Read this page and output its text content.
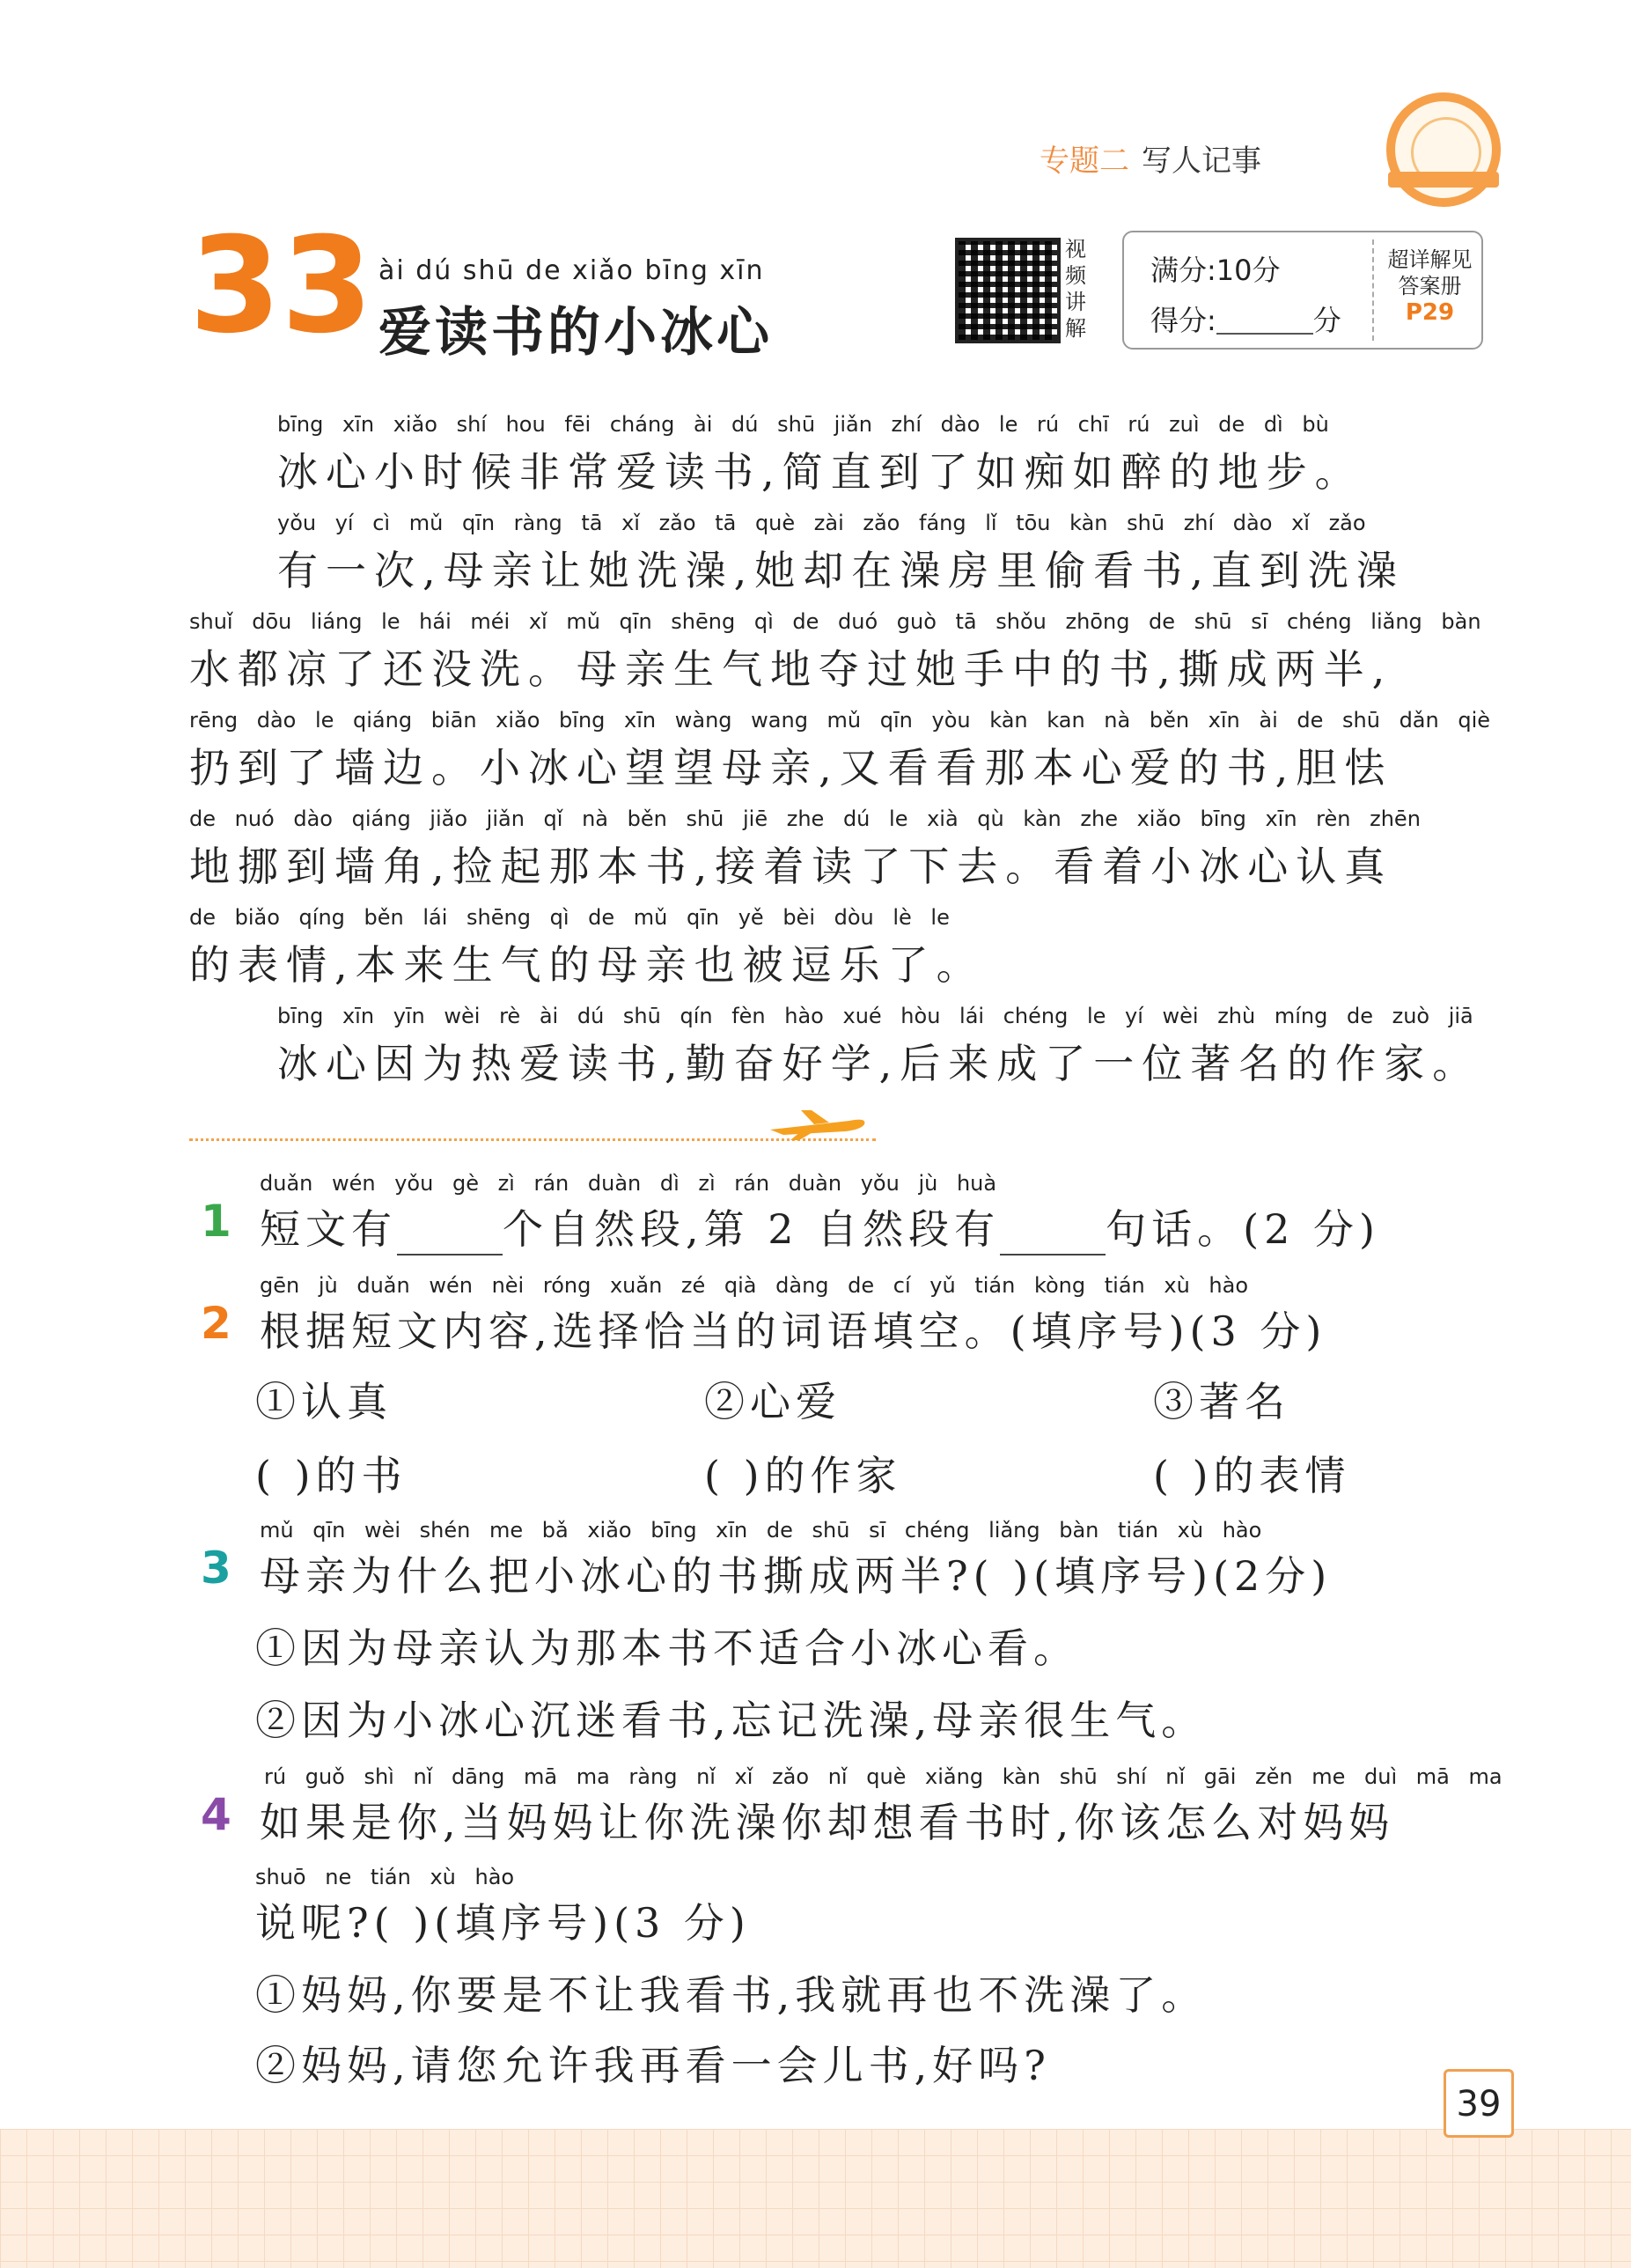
专题二 写人记事
33 ài dú shū de xiǎo bīng xīn
爱读书的小冰心
视频讲解
满分:10分
得分:	分
超详解见答案册
P29
bīng xīn xiǎo shí hou fēi cháng ài dú shū jiǎn zhí dào le rú chī rú zuì de dì bù
冰心小时候非常爱读书,简直到了如痴如醉的地步。
yǒu yí cì mǔ qīn ràng tā xǐ zǎo tā què zài zǎo fáng lǐ tōu kàn shū zhí dào xǐ zǎo
有一次,母亲让她洗澡,她却在澡房里偷看书,直到洗澡
shuǐ dōu liáng le hái méi xǐ mǔ qīn shēng qì de duó guò tā shǒu zhōng de shū sī chéng liǎng bàn
水都凉了还没洗。母亲生气地夺过她手中的书,撕成两半,
rēng dào le qiáng biān xiǎo bīng xīn wàng wang mǔ qīn yòu kàn kan nà běn xīn ài de shū dǎn qiè
扔到了墙边。小冰心望望母亲,又看看那本心爱的书,胆怯
de nuó dào qiáng jiǎo jiǎn qǐ nà běn shū jiē zhe dú le xià qù kàn zhe xiǎo bīng xīn rèn zhēn
地挪到墙角,捡起那本书,接着读了下去。看着小冰心认真
de biǎo qíng běn lái shēng qì de mǔ qīn yě bèi dòu lè le
的表情,本来生气的母亲也被逗乐了。
bīng xīn yīn wèi rè ài dú shū qín fèn hào xué hòu lái chéng le yí wèi zhù míng de zuò jiā
冰心因为热爱读书,勤奋好学,后来成了一位著名的作家。
1
duǎn wén yǒu gè zì rán duàn dì zì rán duàn yǒu jù huà
短文有	个自然段,第 2 自然段有	句话。(2 分)
2
gēn jù duǎn wén nèi róng xuǎn zé qià dàng de cí yǔ tián kòng tián xù hào
根据短文内容,选择恰当的词语填空。(填序号)(3 分)
①认真	②心爱	③著名
( )的书	( )的作家	( )的表情
3
mǔ qīn wèi shén me bǎ xiǎo bīng xīn de shū sī chéng liǎng bàn tián xù hào
母亲为什么把小冰心的书撕成两半?( )(填序号)(2分)
①因为母亲认为那本书不适合小冰心看。
②因为小冰心沉迷看书,忘记洗澡,母亲很生气。
4
rú guǒ shì nǐ dāng mā ma ràng nǐ xǐ zǎo nǐ què xiǎng kàn shū shí nǐ gāi zěn me duì mā ma
如果是你,当妈妈让你洗澡你却想看书时,你该怎么对妈妈
shuō ne tián xù hào
说呢?( )(填序号)(3 分)
①妈妈,你要是不让我看书,我就再也不洗澡了。
②妈妈,请您允许我再看一会儿书,好吗?
39
